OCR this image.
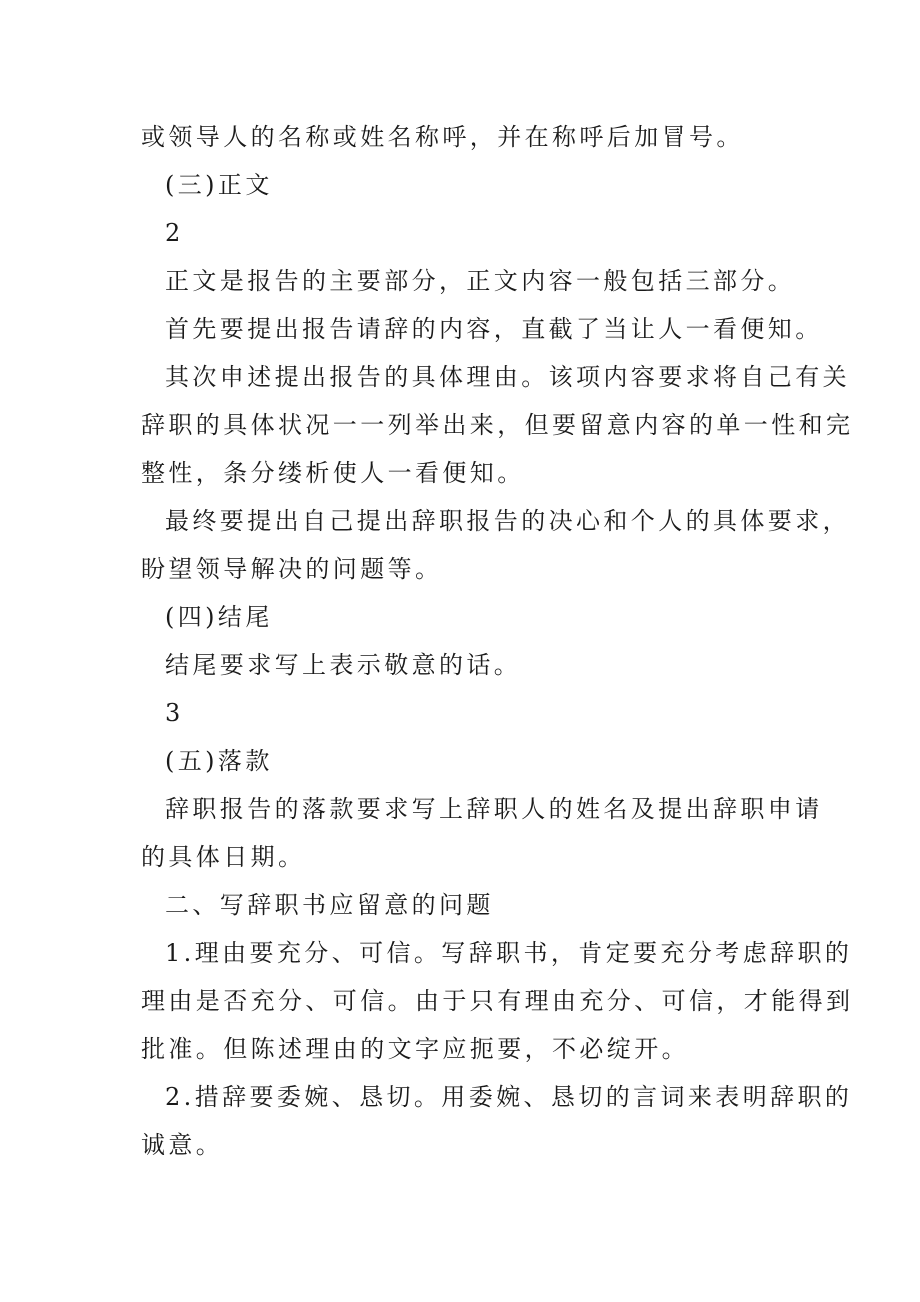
或领导人的名称或姓名称呼，并在称呼后加冒号。
(三)正文
2
正文是报告的主要部分，正文内容一般包括三部分。
首先要提出报告请辞的内容，直截了当让人一看便知。
其次申述提出报告的具体理由。该项内容要求将自己有关
辞职的具体状况一一列举出来，但要留意内容的单一性和完
整性，条分缕析使人一看便知。
最终要提出自己提出辞职报告的决心和个人的具体要求，
盼望领导解决的问题等。
(四)结尾
结尾要求写上表示敬意的话。
3
(五)落款
辞职报告的落款要求写上辞职人的姓名及提出辞职申请
的具体日期。
二、写辞职书应留意的问题
1.理由要充分、可信。写辞职书，肯定要充分考虑辞职的
理由是否充分、可信。由于只有理由充分、可信，才能得到
批准。但陈述理由的文字应扼要，不必绽开。
2.措辞要委婉、恳切。用委婉、恳切的言词来表明辞职的
诚意。
